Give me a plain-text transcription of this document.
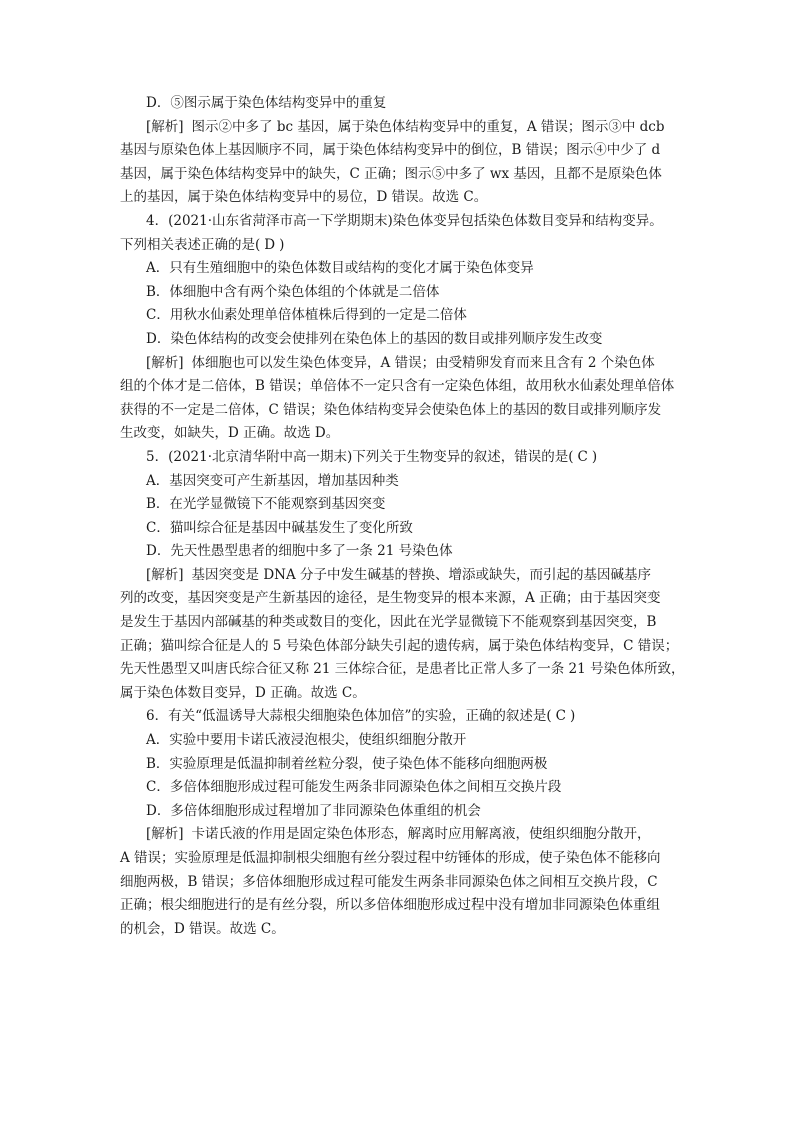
D．⑤图示属于染色体结构变异中的重复

[解析] 图示②中多了 bc 基因，属于染色体结构变异中的重复，A 错误；图示③中 dcb

基因与原染色体上基因顺序不同，属于染色体结构变异中的倒位，B 错误；图示④中少了 d

基因，属于染色体结构变异中的缺失，C 正确；图示⑤中多了 wx 基因，且都不是原染色体

上的基因，属于染色体结构变异中的易位，D 错误。故选 C。

4．(2021·山东省菏泽市高一下学期期末)染色体变异包括染色体数目变异和结构变异。

下列相关表述正确的是( D )

A．只有生殖细胞中的染色体数目或结构的变化才属于染色体变异

B．体细胞中含有两个染色体组的个体就是二倍体

C．用秋水仙素处理单倍体植株后得到的一定是二倍体

D．染色体结构的改变会使排列在染色体上的基因的数目或排列顺序发生改变

[解析] 体细胞也可以发生染色体变异，A 错误；由受精卵发育而来且含有 2 个染色体

组的个体才是二倍体，B 错误；单倍体不一定只含有一定染色体组，故用秋水仙素处理单倍体

获得的不一定是二倍体，C 错误；染色体结构变异会使染色体上的基因的数目或排列顺序发

生改变，如缺失，D 正确。故选 D。

5．(2021·北京清华附中高一期末)下列关于生物变异的叙述，错误的是( C )

A．基因突变可产生新基因，增加基因种类

B．在光学显微镜下不能观察到基因突变

C．猫叫综合征是基因中碱基发生了变化所致

D．先天性愚型患者的细胞中多了一条 21 号染色体

[解析] 基因突变是 DNA 分子中发生碱基的替换、增添或缺失，而引起的基因碱基序

列的改变，基因突变是产生新基因的途径，是生物变异的根本来源，A 正确；由于基因突变

是发生于基因内部碱基的种类或数目的变化，因此在光学显微镜下不能观察到基因突变，B

正确；猫叫综合征是人的 5 号染色体部分缺失引起的遗传病，属于染色体结构变异，C 错误；

先天性愚型又叫唐氏综合征又称 21 三体综合征，是患者比正常人多了一条 21 号染色体所致，

属于染色体数目变异，D 正确。故选 C。

6．有关“低温诱导大蒜根尖细胞染色体加倍”的实验，正确的叙述是( C )

A．实验中要用卡诺氏液浸泡根尖，使组织细胞分散开

B．实验原理是低温抑制着丝粒分裂，使子染色体不能移向细胞两极

C．多倍体细胞形成过程可能发生两条非同源染色体之间相互交换片段

D．多倍体细胞形成过程增加了非同源染色体重组的机会

[解析] 卡诺氏液的作用是固定染色体形态，解离时应用解离液，使组织细胞分散开，

A 错误；实验原理是低温抑制根尖细胞有丝分裂过程中纺锤体的形成，使子染色体不能移向

细胞两极，B 错误；多倍体细胞形成过程可能发生两条非同源染色体之间相互交换片段，C

正确；根尖细胞进行的是有丝分裂，所以多倍体细胞形成过程中没有增加非同源染色体重组

的机会，D 错误。故选 C。
